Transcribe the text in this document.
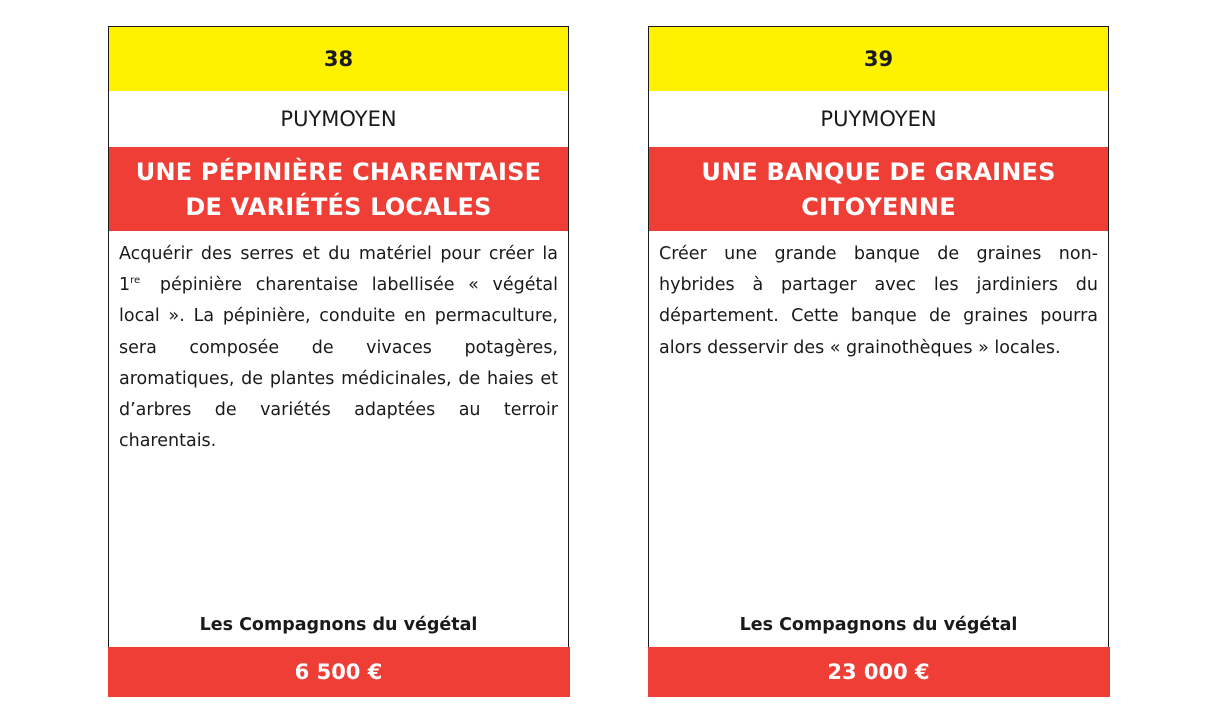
38
PUYMOYEN
UNE PÉPINIÈRE CHARENTAISE
DE VARIÉTÉS LOCALES

Acquérir des serres et du matériel pour créer la 1re pépinière charentaise labellisée « végétal local ». La pépinière, conduite en permaculture, sera composée de vivaces potagères, aromatiques, de plantes médicinales, de haies et d’arbres de variétés adaptées au terroir charentais.

Les Compagnons du végétal
6 500 €
39
PUYMOYEN
UNE BANQUE DE GRAINES
CITOYENNE

Créer une grande banque de graines non-hybrides à partager avec les jardiniers du département. Cette banque de graines pourra alors desservir des « grainothèques » locales.

Les Compagnons du végétal
23 000 €
